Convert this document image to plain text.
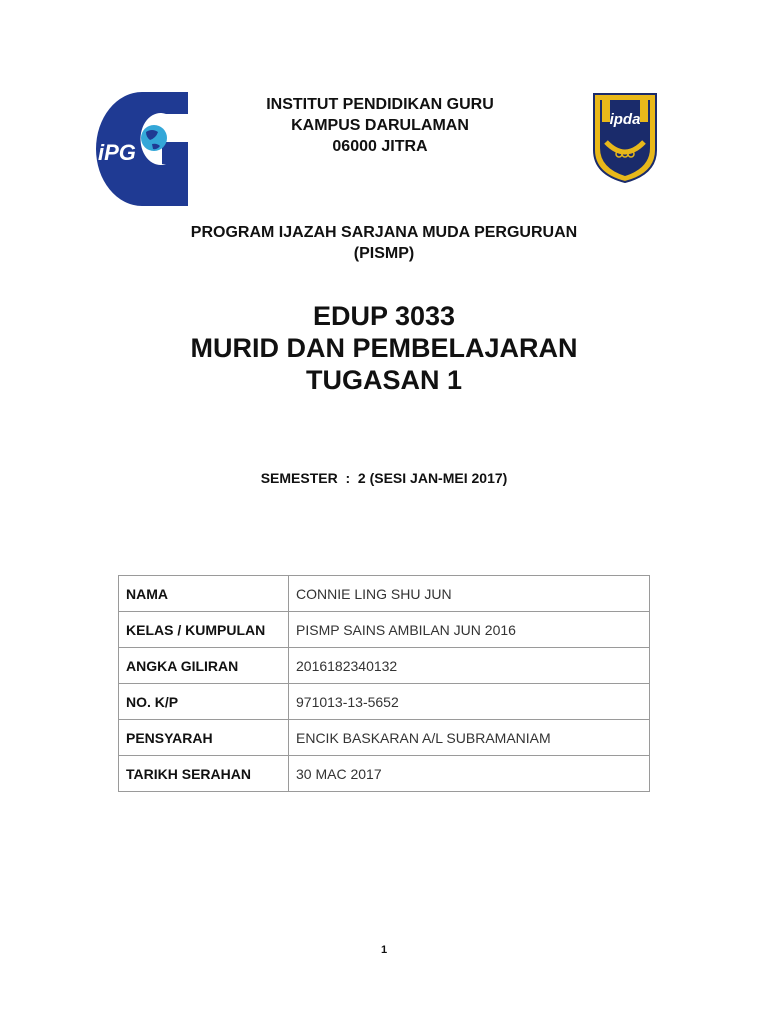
iPG
INSTITUT PENDIDIKAN GURU
KAMPUS DARULAMAN
06000 JITRA
ipda
PROGRAM IJAZAH SARJANA MUDA PERGURUAN
(PISMP)
EDUP 3033
MURID DAN PEMBELAJARAN
TUGASAN 1
SEMESTER  :  2 (SESI JAN-MEI 2017)
NAMA	CONNIE LING SHU JUN
KELAS / KUMPULAN	PISMP SAINS AMBILAN JUN 2016
ANGKA GILIRAN	2016182340132
NO. K/P	971013-13-5652
PENSYARAH	ENCIK BASKARAN A/L SUBRAMANIAM
TARIKH SERAHAN	30 MAC 2017
1
